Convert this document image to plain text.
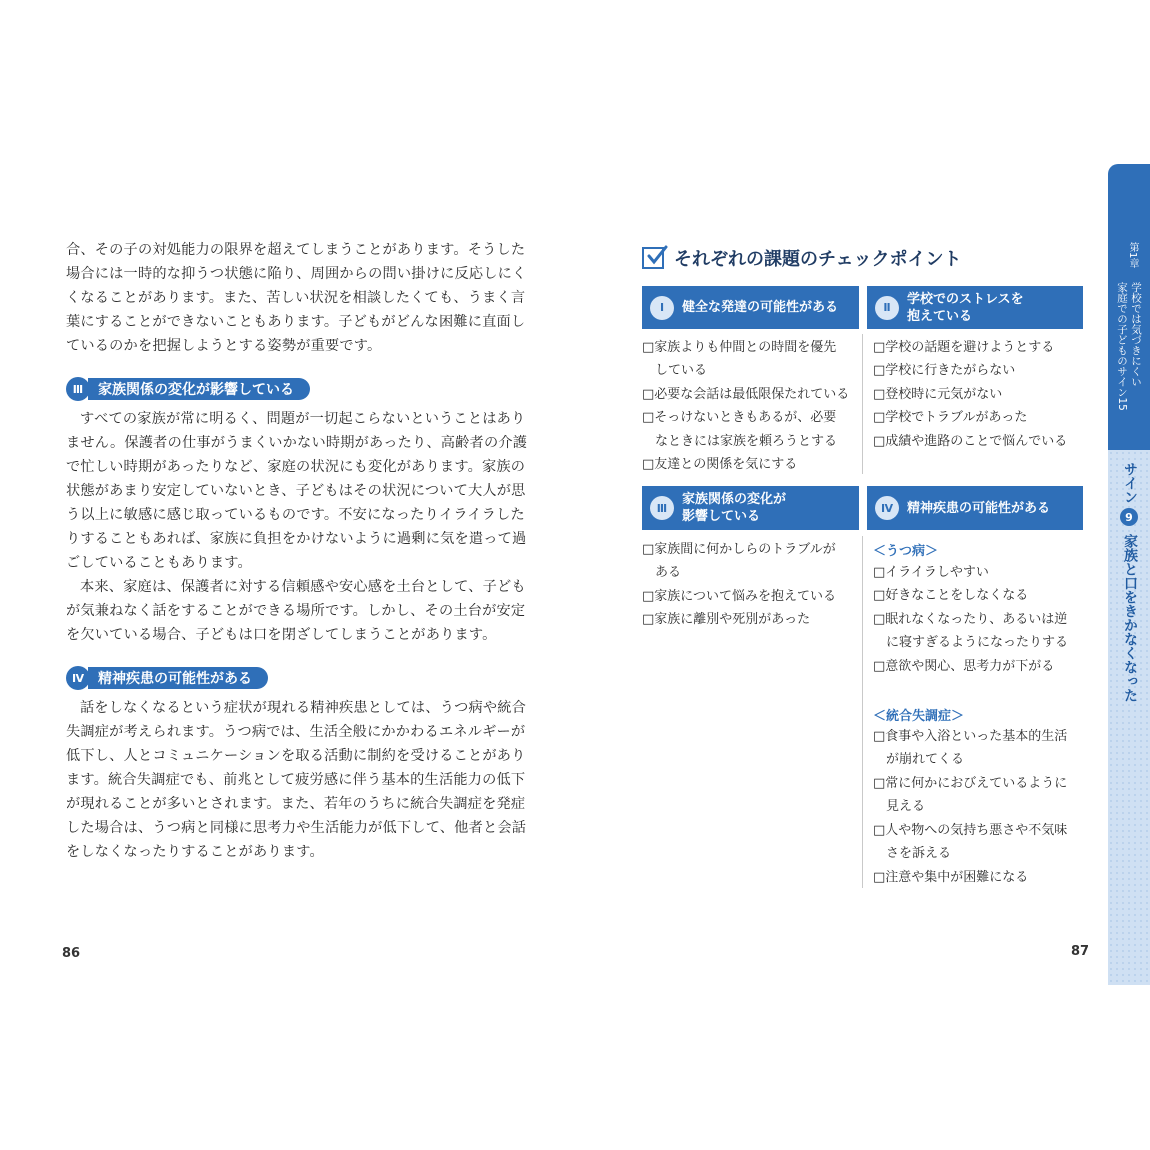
合、その子の対処能力の限界を超えてしまうことがあります。そうした
場合には一時的な抑うつ状態に陥り、周囲からの問い掛けに反応しにく
くなることがあります。また、苦しい状況を相談したくても、うまく言
葉にすることができないこともあります。子どもがどんな困難に直面し
ているのかを把握しようとする姿勢が重要です。
Ⅲ	家族関係の変化が影響している
すべての家族が常に明るく、問題が一切起こらないということはあり
ません。保護者の仕事がうまくいかない時期があったり、高齢者の介護
で忙しい時期があったりなど、家庭の状況にも変化があります。家族の
状態があまり安定していないとき、子どもはその状況について大人が思
う以上に敏感に感じ取っているものです。不安になったりイライラした
りすることもあれば、家族に負担をかけないように過剰に気を遣って過
ごしていることもあります。
本来、家庭は、保護者に対する信頼感や安心感を土台として、子ども
が気兼ねなく話をすることができる場所です。しかし、その土台が安定
を欠いている場合、子どもは口を閉ざしてしまうことがあります。
Ⅳ 精神疾患の可能性がある
話をしなくなるという症状が現れる精神疾患としては、うつ病や統合
失調症が考えられます。うつ病では、生活全般にかかわるエネルギーが
低下し、人とコミュニケーションを取る活動に制約を受けることがあり
ます。統合失調症でも、前兆として疲労感に伴う基本的生活能力の低下
が現れることが多いとされます。また、若年のうちに統合失調症を発症
した場合は、うつ病と同様に思考力や生活能力が低下して、他者と会話
をしなくなったりすることがあります。
86
それぞれの課題のチェックポイント
Ⅰ	健全な発達の可能性がある
□家族よりも仲間との時間を優先
　している
□必要な会話は最低限保たれている
□そっけないときもあるが、必要
　なときには家族を頼ろうとする
□友達との関係を気にする
Ⅱ
学校でのストレスを
抱えている
□学校の話題を避けようとする
□学校に行きたがらない
□登校時に元気がない
□学校でトラブルがあった
□成績や進路のことで悩んでいる
Ⅲ
家族関係の変化が
影響している
□家族間に何かしらのトラブルが
　ある
□家族について悩みを抱えている
□家族に離別や死別があった
Ⅳ	精神疾患の可能性がある
＜うつ病＞
□イライラしやすい
□好きなことをしなくなる
□眠れなくなったり、あるいは逆
　に寝すぎるようになったりする
□意欲や関心、思考力が下がる
＜統合失調症＞
□食事や入浴といった基本的生活
　が崩れてくる
□常に何かにおびえているように
　見える
□人や物への気持ち悪さや不気味
　さを訴える
□注意や集中が困難になる
87
第1章
学校では気づきにくい
家庭での子どものサイン15
サイン
9
家族と口をきかなくなった
